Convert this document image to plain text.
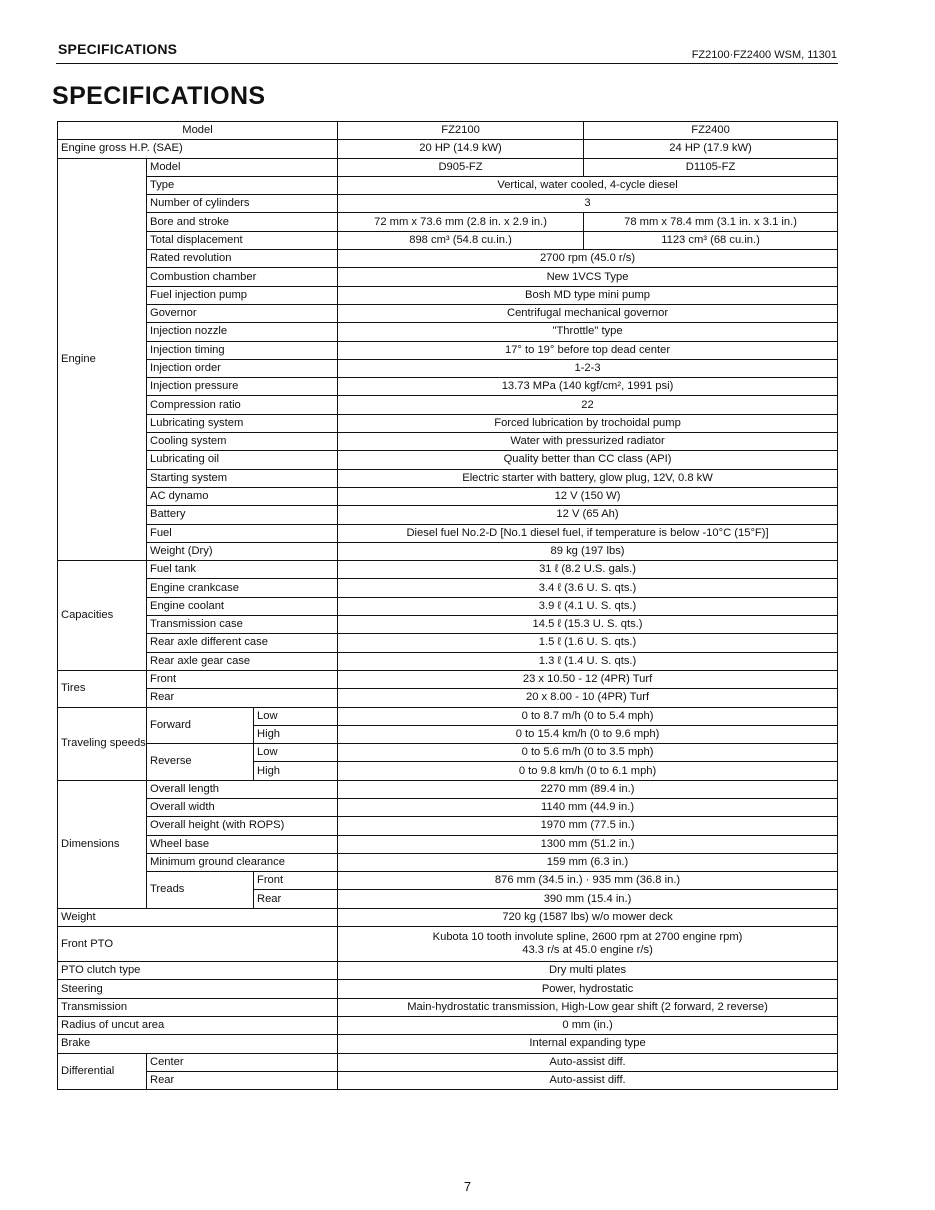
SPECIFICATIONS	FZ2100·FZ2400 WSM, 11301
SPECIFICATIONS
Model			FZ2100	FZ2400
Engine gross H.P. (SAE)			20 HP (14.9 kW)	24 HP (17.9 kW)
Engine	Model		D905-FZ	D1105-FZ
	Type		Vertical, water cooled, 4-cycle diesel	
	Number of cylinders		3	
	Bore and stroke		72 mm x 73.6 mm (2.8 in. x 2.9 in.)	78 mm x 78.4 mm (3.1 in. x 3.1 in.)
	Total displacement		898 cm³ (54.8 cu.in.)	1123 cm³ (68 cu.in.)
	Rated revolution		2700 rpm (45.0 r/s)	
	Combustion chamber		New 1VCS Type	
	Fuel injection pump		Bosh MD type mini pump	
	Governor		Centrifugal mechanical governor	
	Injection nozzle		"Throttle" type	
	Injection timing		17° to 19° before top dead center	
	Injection order		1-2-3	
	Injection pressure		13.73 MPa (140 kgf/cm², 1991 psi)	
	Compression ratio		22	
	Lubricating system		Forced lubrication by trochoidal pump	
	Cooling system		Water with pressurized radiator	
	Lubricating oil		Quality better than CC class (API)	
	Starting system		Electric starter with battery, glow plug, 12V, 0.8 kW	
	AC dynamo		12 V (150 W)	
	Battery		12 V (65 Ah)	
	Fuel		Diesel fuel No.2-D [No.1 diesel fuel, if temperature is below -10°C (15°F)]	
	Weight (Dry)		89 kg (197 lbs)	
Capacities	Fuel tank		31 ℓ (8.2 U.S. gals.)	
	Engine crankcase		3.4 ℓ (3.6 U. S. qts.)	
	Engine coolant		3.9 ℓ (4.1 U. S. qts.)	
	Transmission case		14.5 ℓ (15.3 U. S. qts.)	
	Rear axle different case		1.5 ℓ (1.6 U. S. qts.)	
	Rear axle gear case		1.3 ℓ (1.4 U. S. qts.)	
Tires	Front		23 x 10.50 - 12 (4PR) Turf	
	Rear		20 x 8.00 - 10 (4PR) Turf	
Traveling speeds	Forward	Low	0 to 8.7 m/h (0 to 5.4 mph)	
		High	0 to 15.4 km/h (0 to 9.6 mph)	
	Reverse	Low	0 to 5.6 m/h (0 to 3.5 mph)	
		High	0 to 9.8 km/h (0 to 6.1 mph)	
Dimensions	Overall length		2270 mm (89.4 in.)	
	Overall width		1140 mm (44.9 in.)	
	Overall height (with ROPS)		1970 mm (77.5 in.)	
	Wheel base		1300 mm (51.2 in.)	
	Minimum ground clearance		159 mm (6.3 in.)	
	Treads	Front	876 mm (34.5 in.) · 935 mm (36.8 in.)	
		Rear	390 mm (15.4 in.)	
Weight			720 kg (1587 lbs) w/o mower deck	
Front PTO			Kubota 10 tooth involute spline, 2600 rpm at 2700 engine rpm)
43.3 r/s at 45.0 engine r/s)	

PTO clutch type			Dry multi plates	
Steering			Power, hydrostatic	
Transmission			Main-hydrostatic transmission, High-Low gear shift (2 forward, 2 reverse)	
Radius of uncut area			0 mm (in.)	
Brake			Internal expanding type	
Differential	Center		Auto-assist diff.	
	Rear		Auto-assist diff.	
7
